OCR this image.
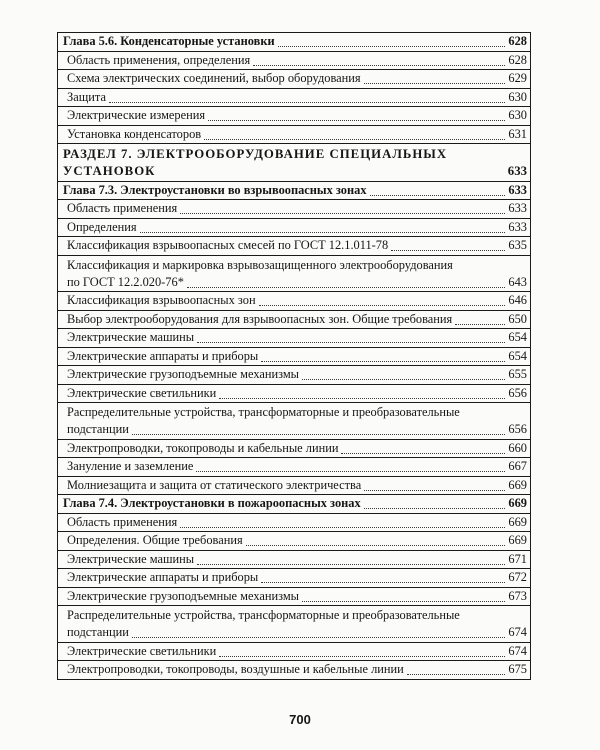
Глава 5.6. Конденсаторные установки	628
Область применения, определения	628
Схема электрических соединений, выбор оборудования	629
Защита	630
Электрические измерения	630
Установка конденсаторов	631
РАЗДЕЛ 7. ЭЛЕКТРООБОРУДОВАНИЕ СПЕЦИАЛЬНЫХ
УСТАНОВОК	633
Глава 7.3. Электроустановки во взрывоопасных зонах	633
Область применения	633
Определения	633
Классификация взрывоопасных смесей по ГОСТ 12.1.011-78	635
Классификация и маркировка взрывозащищенного электрооборудования
по ГОСТ 12.2.020-76*	643
Классификация взрывоопасных зон	646
Выбор электрооборудования для взрывоопасных зон. Общие требования	650
Электрические машины	654
Электрические аппараты и приборы	654
Электрические грузоподъемные механизмы	655
Электрические светильники	656
Распределительные устройства, трансформаторные и преобразовательные
подстанции	656
Электропроводки, токопроводы и кабельные линии	660
Зануление и заземление	667
Молниезащита и защита от статического электричества	669
Глава 7.4. Электроустановки в пожароопасных зонах	669
Область применения	669
Определения. Общие требования	669
Электрические машины	671
Электрические аппараты и приборы	672
Электрические грузоподъемные механизмы	673
Распределительные устройства, трансформаторные и преобразовательные
подстанции	674
Электрические светильники	674
Электропроводки, токопроводы, воздушные и кабельные линии	675
700
